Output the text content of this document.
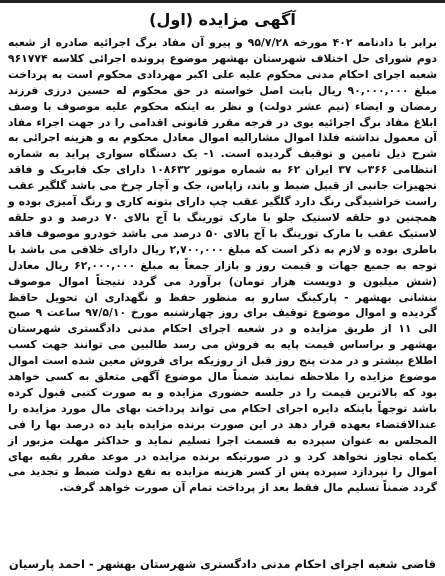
آگهی مزایده (اول)

برابر با دادنامه ۴۰۲ مورخه ۹۵/۷/۲۸ و پیرو آن مفاد برگ اجرائیه صادره از شعبه دوم شورای حل اختلاف شهرستان بهشهر موضوع پرونده اجرائی کلاسه ۹۶۱۷۷۴ شعبه اجرای احکام مدنی محکوم علیه علی اکبر مهردادی محکوم است به پرداخت مبلغ ۹۰,۰۰۰,۰۰۰ ریال بابت اصل خواسته در حق محکوم له حسین درزی فرزند رمضان و ایضاء (نیم عشر دولت) و نظر به اینکه محکوم علیه موصوف با وصف ابلاغ مفاد برگ اجرائیه یوی در فرجه مقرر قانونی اقدامی را در جهت اجراء مفاد آن معمول نداشته فلذا اموال مشارالیه اموال معادل محکوم به و هزینه اجرائی به شرح ذیل تامین و توقیف گردیده است. ۱- یک دستگاه سواری پراید به شماره انتظامی ۳۶۶ب ۳۷ ایران ۶۲ به شماره موتور ۱۰۸۶۳۲ دارای جک فابریک و فاقد تجهیزات جانبی از قبیل ضبط و باند، زاپاس، جک و آچار چرخ می باشد گلگیر عقب راست خراشیدگی رنگ دارد گلگیر عقب چپ دارای بتونه کاری و رنگ آمیزی بوده و همچنین دو حلقه لاستیک جلو با مارک تورینگ با آج بالای ۷۰ درصد و دو حلقه لاستیک عقب با مارک تورینگ با آج بالای ۵۰ درصد می باشد خودرو موصوف فاقد باطری بوده و لازم به ذکر است که مبلغ ۲,۷۰۰,۰۰۰ ریال دارای خلافی می باشد با توجه به جمیع جهات و قیمت روز و بازار جمعاً به مبلغ ۶۲,۰۰۰,۰۰۰ ریال معادل (شش میلیون و دویست هزار تومان) برآورد می گردد نتیجتاً اموال موصوف بنشانی بهشهر - پارکینگ سارو به منظور حفظ و نگهداری ان تحویل حافظ گردیده و اموال موضوع توقیف برای روز چهارشنبه مورخ ۹۷/۵/۱۰ ساعت ۹ صبح الی ۱۱ از طریق مزایده و در شعبه اجرای احکام مدنی دادگستری شهرستان بهشهر و براساس قیمت پایه به فروش می رسد طالبین می توانند جهت کسب اطلاع بیشتر و در مدت پنج روز قبل از روزیکه برای فروش معین شده است اموال موضوع مزایده را ملاحظه نمایند ضمناً مال موضوع آگهی متعلق به کسی خواهد بود که بالاترین قیمت را در جلسه حضوری مزایده و به صورت کتبی قبول کرده باشد توجهاً باینکه دایره اجرای احکام می تواند پرداخت بهای مال مورد مزایده را عندالاقتضاء بعهده قرار دهد در این صورت برنده مزایده باید ده درصد بها را فی المجلس به عنوان سپرده به قسمت اجرا تسلیم نماید و حداکثر مهلت مزبور از یکماه تجاوز نخواهد کرد و در صورتیکه برنده مزایده در موعد مقرر بقیه بهای اموال را نپردازد سپرده پس از کسر هزینه مزایده به نفع دولت ضبط و تجدید می گردد ضمناً تسلیم مال فقط بعد از پرداخت تمام آن صورت خواهد گرفت.

قاضی شعبه اجرای احکام مدنی دادگستری شهرستان بهشهر - احمد پارسیان
